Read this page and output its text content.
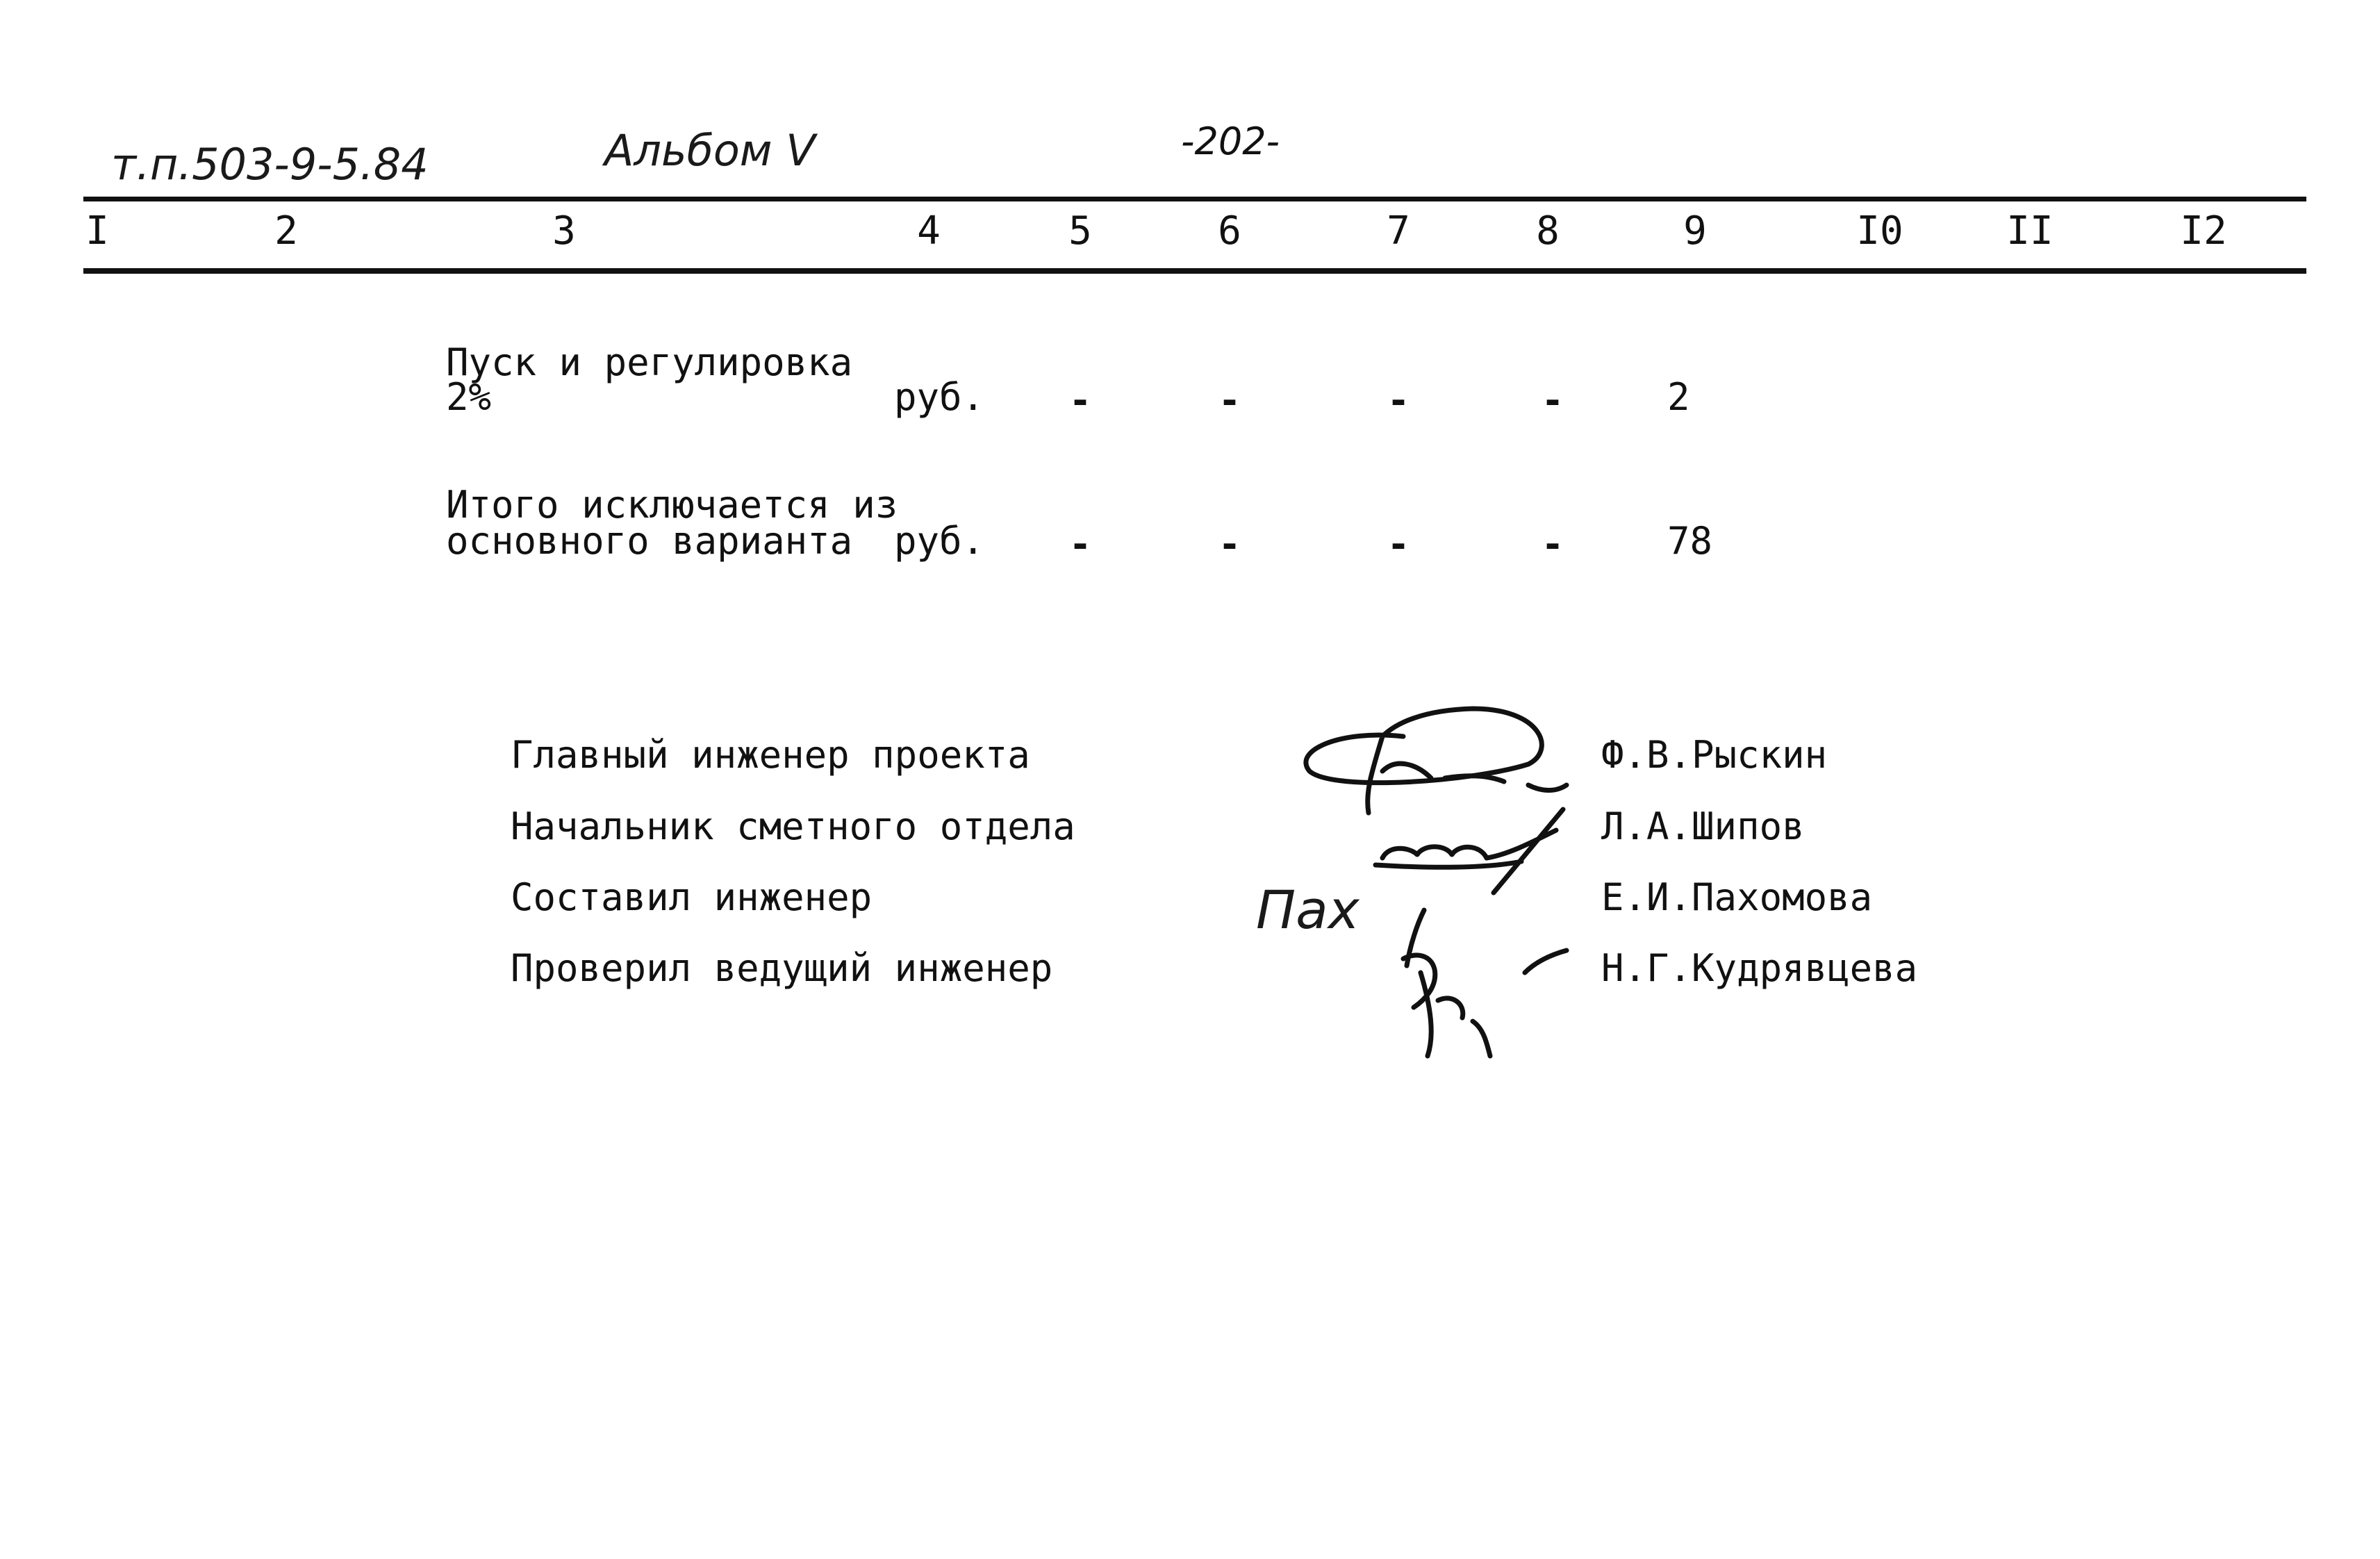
т.п.503-9-5.84	Альбом V	-202-
I	2	3	4	5	6	7	8	9	I0	II	I2
Пуск и регулировка
2%	руб. -	-	-	-	2
Итого исключается из
основного варианта руб. -	-	-	-	78
Главный инженер проекта
Начальник сметного отдела
Составил инженер
Проверил ведущий инженер
Ф.В.Рыскин
Л.А.Шипов
Е.И.Пахомова
Н.Г.Кудрявцева
Пах
